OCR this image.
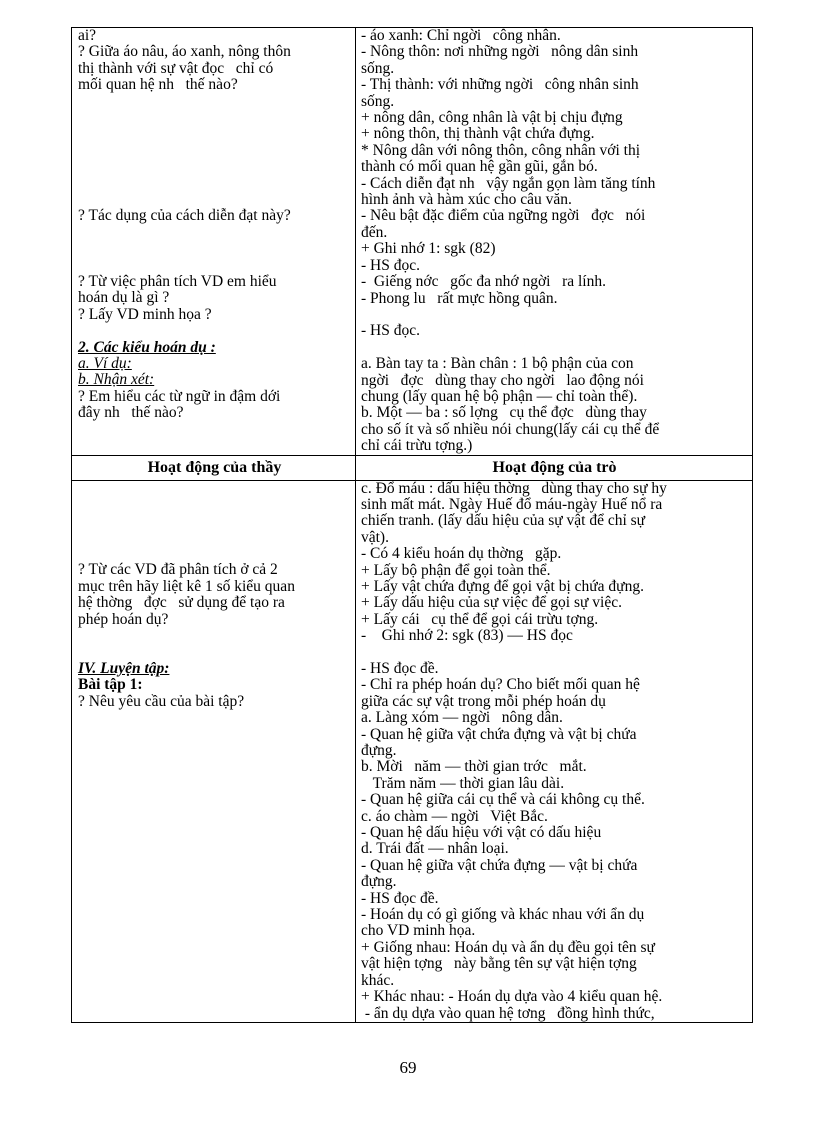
ai?
? Giữa áo nâu, áo xanh, nông thôn
thị thành với sự vật đọc   chỉ có
mối quan hệ nh   thế nào?
? Tác dụng của cách diễn đạt này?
? Từ việc phân tích VD em hiểu
hoán dụ là gì ?
? Lấy VD minh họa ?
2. Các kiểu hoán dụ :
a. Ví dụ:
b. Nhận xét:
? Em hiểu các từ ngữ in đậm dới
đây nh   thế nào?
- áo xanh: Chỉ ngời   công nhân.
- Nông thôn: nơi những ngời   nông dân sinh
sống.
- Thị thành: với những ngời   công nhân sinh
sống.
+ nông dân, công nhân là vật bị chịu đựng
+ nông thôn, thị thành vật chứa đựng.
* Nông dân với nông thôn, công nhân với thị
thành có mối quan hệ gần gũi, gắn bó.
- Cách diễn đạt nh   vậy ngắn gọn làm tăng tính
hình ảnh và hàm xúc cho câu văn.
- Nêu bật đặc điểm của ngững ngời   đợc   nói
đến.
+ Ghi nhớ 1: sgk (82)
- HS đọc.
-  Giếng nớc   gốc đa nhớ ngời   ra lính.
- Phong lu   rất mực hồng quân.
- HS đọc.
a. Bàn tay ta : Bàn chân : 1 bộ phận của con
ngời   đợc   dùng thay cho ngời   lao động nói
chung (lấy quan hệ bộ phận — chỉ toàn thể).
b. Một — ba : số lợng   cụ thể đợc   dùng thay
cho số ít và số nhiều nói chung(lấy cái cụ thể để
chỉ cái trừu tợng.)
Hoạt động của thầy	Hoạt động của trò
? Từ các VD đã phân tích ở cả 2
mục trên hãy liệt kê 1 số kiểu quan
hệ thờng   đợc   sử dụng để tạo ra
phép hoán dụ?
IV. Luyện tập:
Bài tập 1:
? Nêu yêu cầu của bài tập?
c. Đổ máu : dấu hiệu thờng   dùng thay cho sự hy
sinh mất mát. Ngày Huế đổ máu-ngày Huế nổ ra
chiến tranh. (lấy dấu hiệu của sự vật để chỉ sự
vật).
- Có 4 kiểu hoán dụ thờng   gặp.
+ Lấy bộ phận để gọi toàn thể.
+ Lấy vật chứa đựng để gọi vật bị chứa đựng.
+ Lấy dấu hiệu của sự việc để gọi sự việc.
+ Lấy cái   cụ thể để gọi cái trừu tợng.
-    Ghi nhớ 2: sgk (83) — HS đọc
- HS đọc đề.
- Chỉ ra phép hoán dụ? Cho biết mối quan hệ
giữa các sự vật trong mỗi phép hoán dụ
a. Làng xóm — ngời   nông dân.
- Quan hệ giữa vật chứa đựng và vật bị chứa
đựng.
b. Mời   năm — thời gian trớc   mắt.
Trăm năm — thời gian lâu dài.
- Quan hệ giữa cái cụ thể và cái không cụ thể.
c. áo chàm — ngời   Việt Bắc.
- Quan hệ dấu hiệu với vật có dấu hiệu
d. Trái đất — nhân loại.
- Quan hệ giữa vật chứa đựng — vật bị chứa
đựng.
- HS đọc đề.
- Hoán dụ có gì giống và khác nhau với ẩn dụ
cho VD minh họa.
+ Giống nhau: Hoán dụ và ẩn dụ đều gọi tên sự
vật hiện tợng   này bằng tên sự vật hiện tợng
khác.
+ Khác nhau: - Hoán dụ dựa vào 4 kiểu quan hệ.
- ẩn dụ dựa vào quan hệ tơng   đồng hình thức,
69
